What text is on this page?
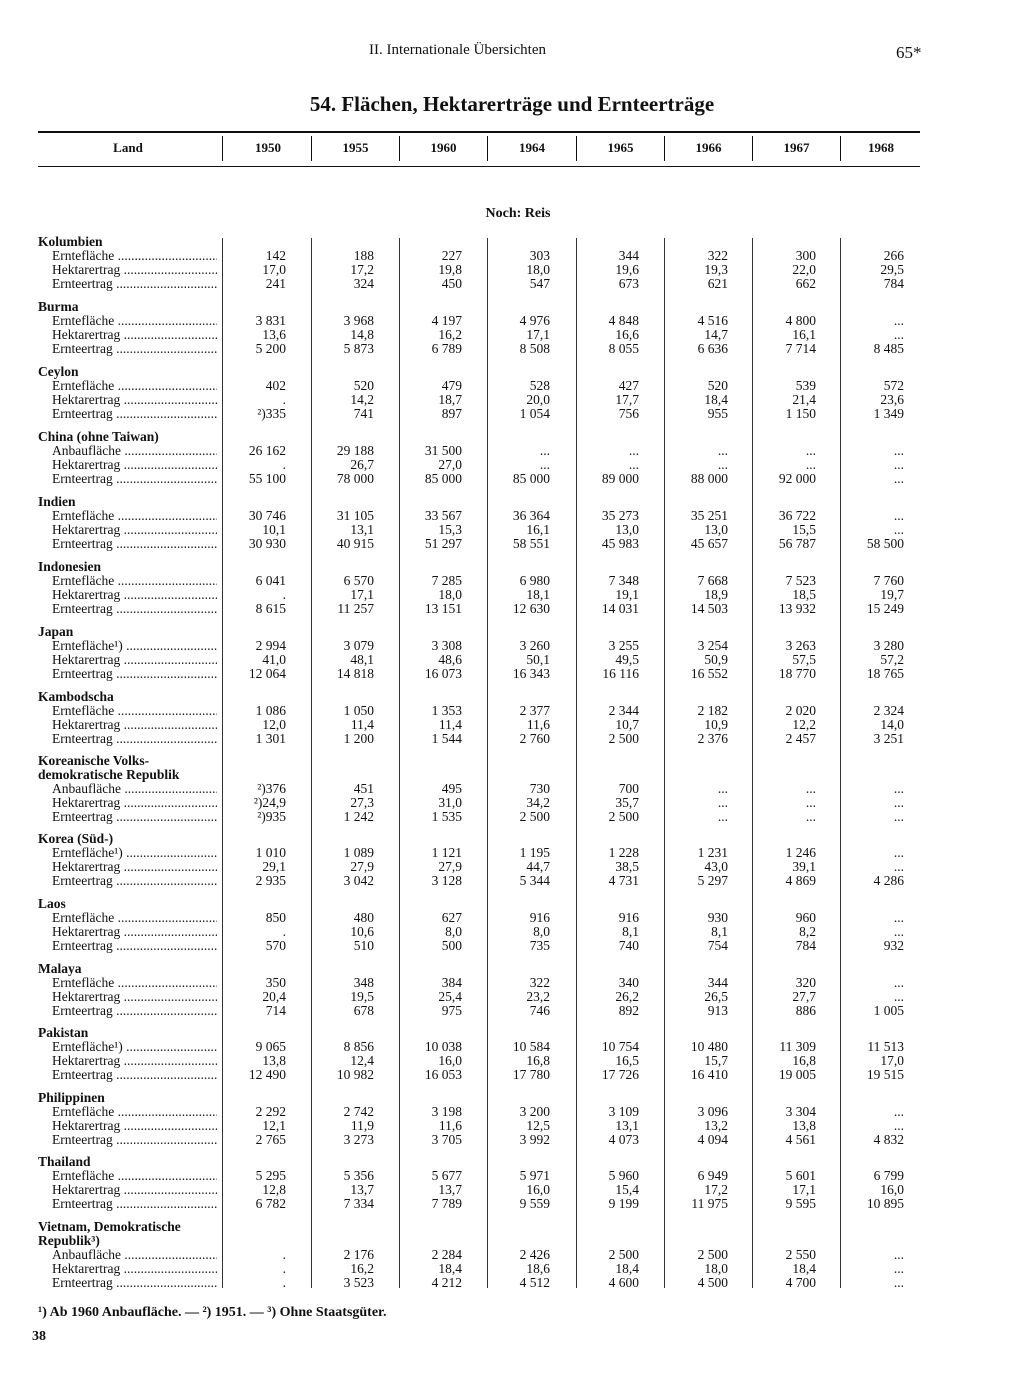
II. Internationale Übersichten	65*
54. Flächen, Hektarerträge und Ernteerträge
Land	1950	1955	1960	1964	1965	1966	1967	1968
Noch: Reis
Kolumbien
Erntefläche .....	142	188	227	303	344	322	300	266
Hektarertrag .....	17,0	17,2	19,8	18,0	19,6	19,3	22,0	29,5
Ernteertrag .....	241	324	450	547	673	621	662	784
Burma
Erntefläche .....	3 831	3 968	4 197	4 976	4 848	4 516	4 800	...
Hektarertrag .....	13,6	14,8	16,2	17,1	16,6	14,7	16,1	...
Ernteertrag .....	5 200	5 873	6 789	8 508	8 055	6 636	7 714	8 485
Ceylon
Erntefläche .....	402	520	479	528	427	520	539	572
Hektarertrag .....	.	14,2	18,7	20,0	17,7	18,4	21,4	23,6
Ernteertrag .....	²)335	741	897	1 054	756	955	1 150	1 349
China (ohne Taiwan)
Anbaufläche .....	26 162	29 188	31 500	...	...	...	...	...
Hektarertrag .....	.	26,7	27,0	...	...	...	...	...
Ernteertrag .....	55 100	78 000	85 000	85 000	89 000	88 000	92 000	...
Indien
Erntefläche .....	30 746	31 105	33 567	36 364	35 273	35 251	36 722	...
Hektarertrag .....	10,1	13,1	15,3	16,1	13,0	13,0	15,5	...
Ernteertrag .....	30 930	40 915	51 297	58 551	45 983	45 657	56 787	58 500
Indonesien
Erntefläche .....	6 041	6 570	7 285	6 980	7 348	7 668	7 523	7 760
Hektarertrag .....	.	17,1	18,0	18,1	19,1	18,9	18,5	19,7
Ernteertrag .....	8 615	11 257	13 151	12 630	14 031	14 503	13 932	15 249
Japan
Erntefläche¹) .....	2 994	3 079	3 308	3 260	3 255	3 254	3 263	3 280
Hektarertrag .....	41,0	48,1	48,6	50,1	49,5	50,9	57,5	57,2
Ernteertrag .....	12 064	14 818	16 073	16 343	16 116	16 552	18 770	18 765
Kambodscha
Erntefläche .....	1 086	1 050	1 353	2 377	2 344	2 182	2 020	2 324
Hektarertrag .....	12,0	11,4	11,4	11,6	10,7	10,9	12,2	14,0
Ernteertrag .....	1 301	1 200	1 544	2 760	2 500	2 376	2 457	3 251
Koreanische Volks-
demokratische Republik
Anbaufläche .....	²)376	451	495	730	700	...	...	...
Hektarertrag .....	²)24,9	27,3	31,0	34,2	35,7	...	...	...
Ernteertrag .....	²)935	1 242	1 535	2 500	2 500	...	...	...
Korea (Süd-)
Erntefläche¹) .....	1 010	1 089	1 121	1 195	1 228	1 231	1 246	...
Hektarertrag .....	29,1	27,9	27,9	44,7	38,5	43,0	39,1	...
Ernteertrag .....	2 935	3 042	3 128	5 344	4 731	5 297	4 869	4 286
Laos
Erntefläche .....	850	480	627	916	916	930	960	...
Hektarertrag .....	.	10,6	8,0	8,0	8,1	8,1	8,2	...
Ernteertrag .....	570	510	500	735	740	754	784	932
Malaya
Erntefläche .....	350	348	384	322	340	344	320	...
Hektarertrag .....	20,4	19,5	25,4	23,2	26,2	26,5	27,7	...
Ernteertrag .....	714	678	975	746	892	913	886	1 005
Pakistan
Erntefläche¹) .....	9 065	8 856	10 038	10 584	10 754	10 480	11 309	11 513
Hektarertrag .....	13,8	12,4	16,0	16,8	16,5	15,7	16,8	17,0
Ernteertrag .....	12 490	10 982	16 053	17 780	17 726	16 410	19 005	19 515
Philippinen
Erntefläche .....	2 292	2 742	3 198	3 200	3 109	3 096	3 304	...
Hektarertrag .....	12,1	11,9	11,6	12,5	13,1	13,2	13,8	...
Ernteertrag .....	2 765	3 273	3 705	3 992	4 073	4 094	4 561	4 832
Thailand
Erntefläche .....	5 295	5 356	5 677	5 971	5 960	6 949	5 601	6 799
Hektarertrag .....	12,8	13,7	13,7	16,0	15,4	17,2	17,1	16,0
Ernteertrag .....	6 782	7 334	7 789	9 559	9 199	11 975	9 595	10 895
Vietnam, Demokratische
Republik³)
Anbaufläche .....	.	2 176	2 284	2 426	2 500	2 500	2 550	...
Hektarertrag .....	.	16,2	18,4	18,6	18,4	18,0	18,4	...
Ernteertrag .....	.	3 523	4 212	4 512	4 600	4 500	4 700	...
¹) Ab 1960 Anbaufläche. — ²) 1951. — ³) Ohne Staatsgüter.
38
